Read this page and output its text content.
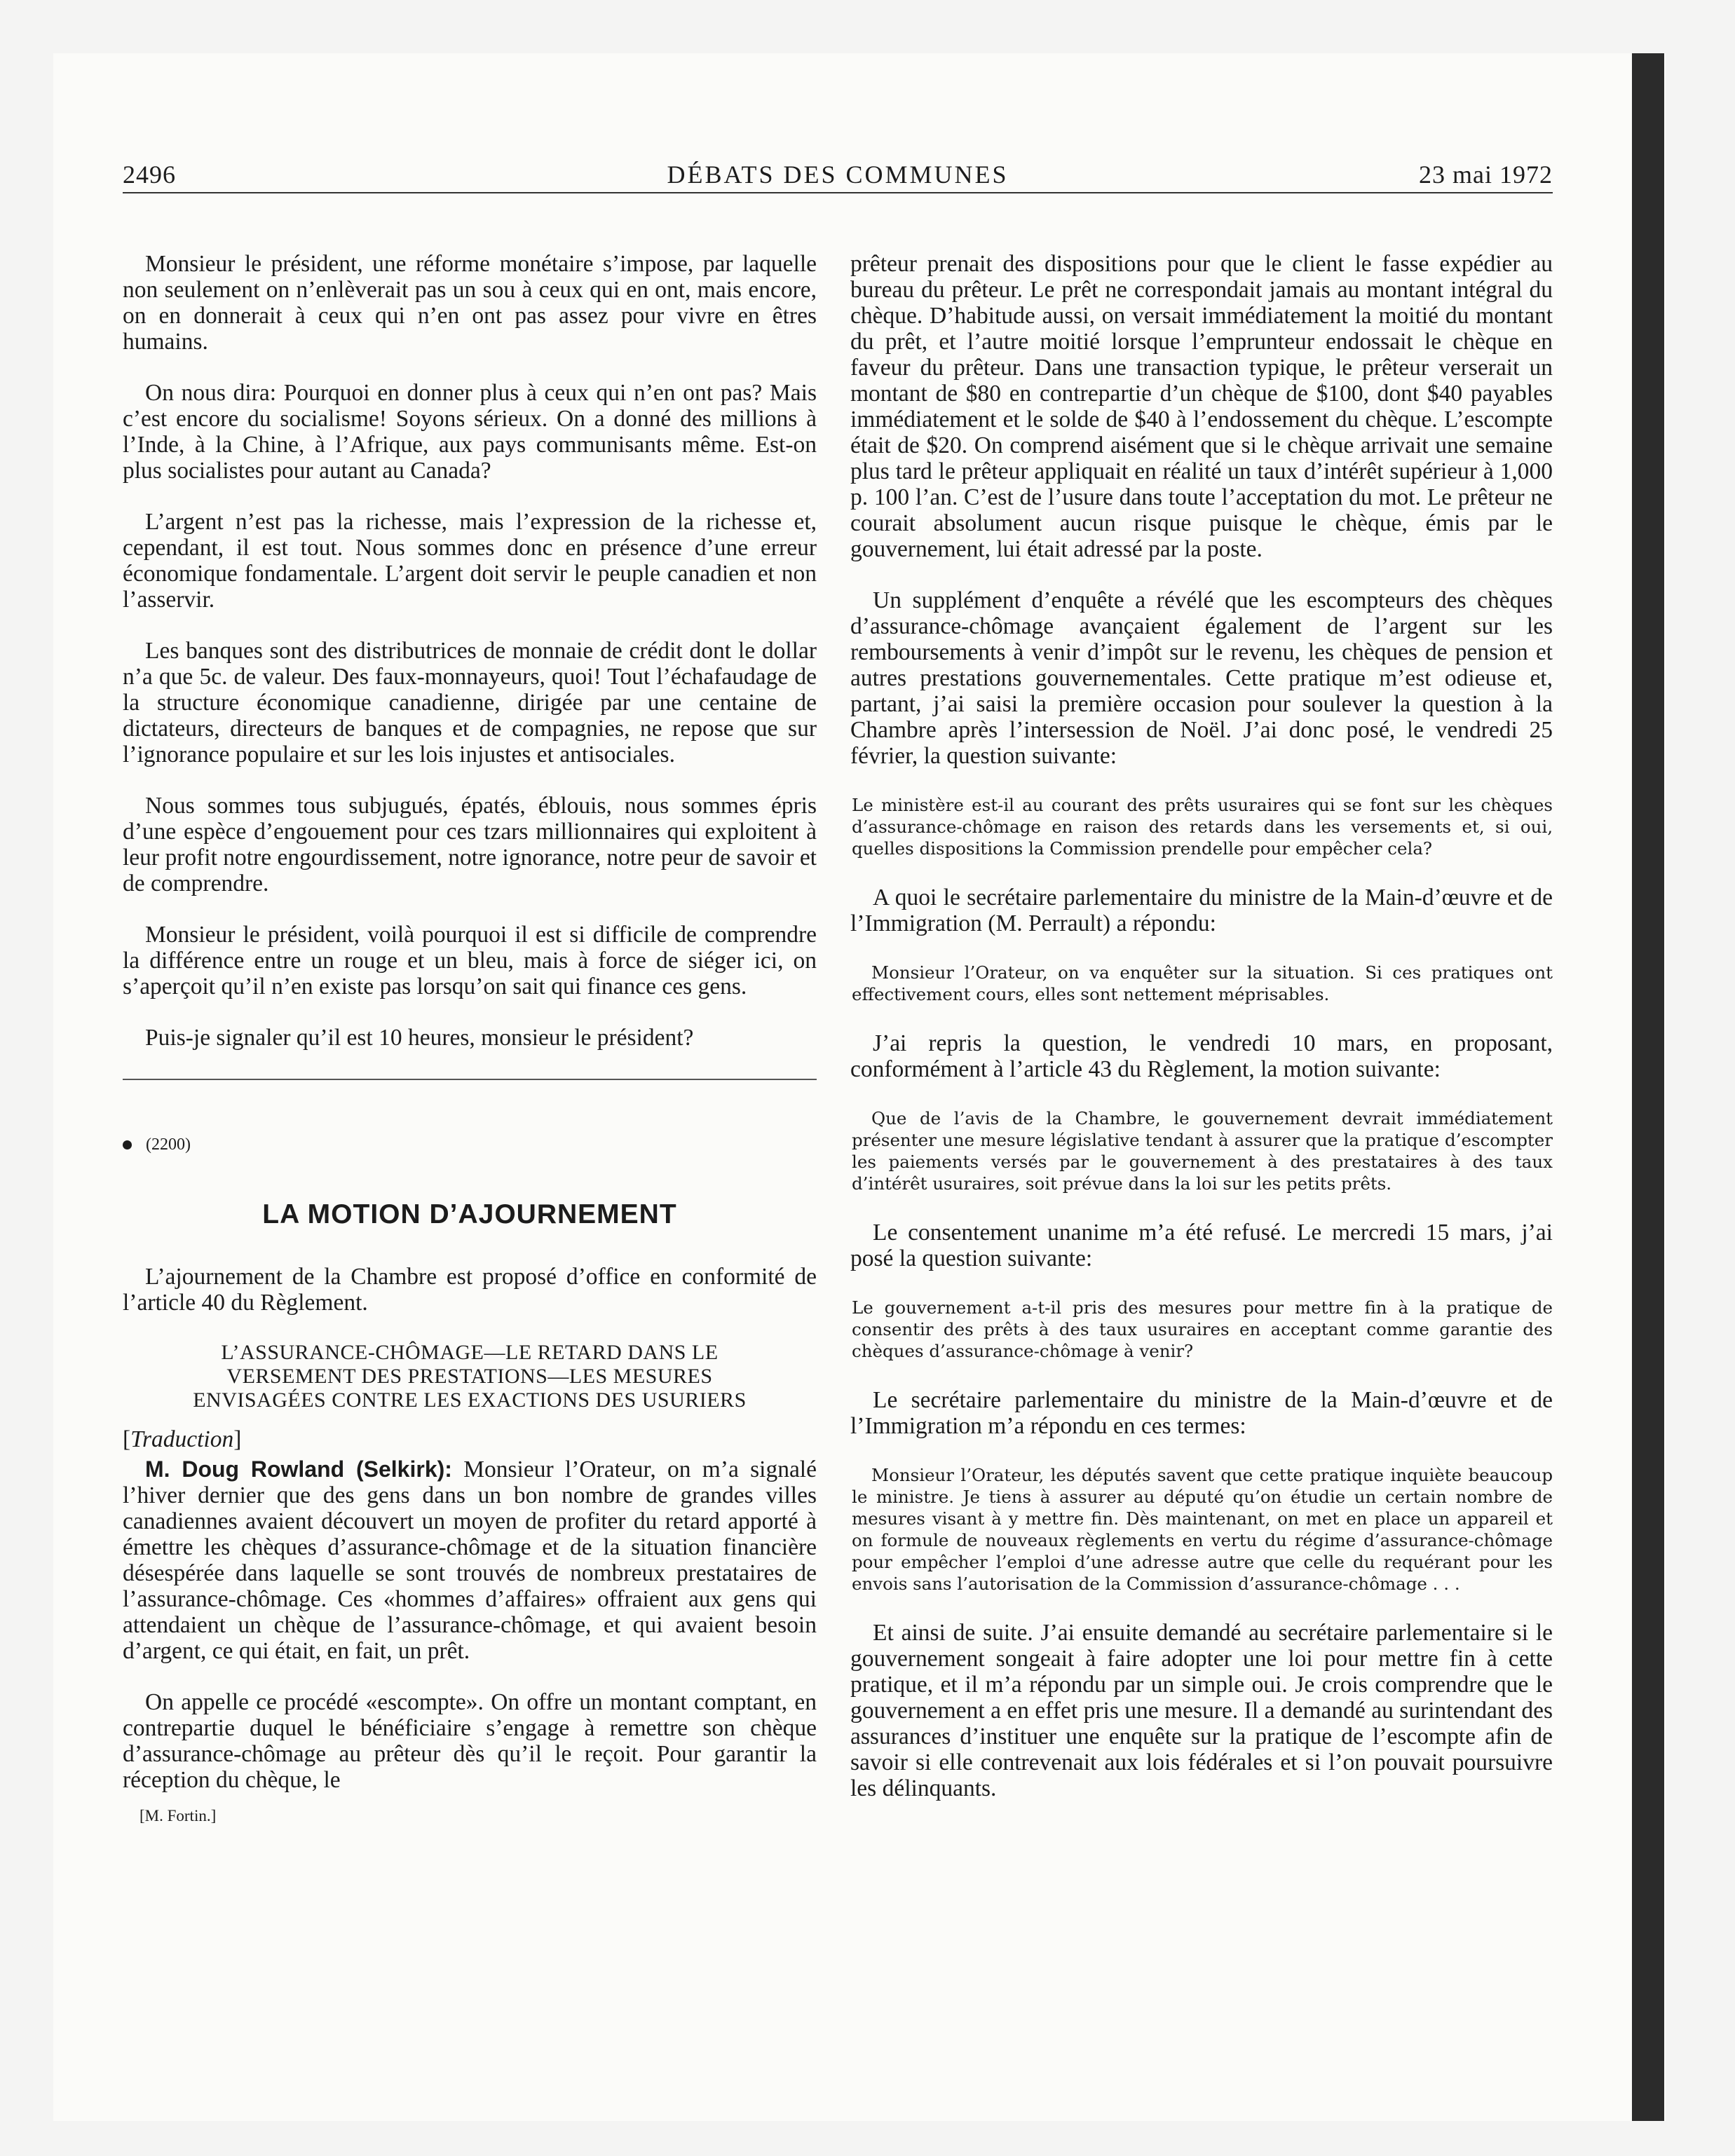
2496	DÉBATS DES COMMUNES	23 mai 1972

Monsieur le président, une réforme monétaire s’impose, par laquelle non seulement on n’enlèverait pas un sou à ceux qui en ont, mais encore, on en donnerait à ceux qui n’en ont pas assez pour vivre en êtres humains.

On nous dira: Pourquoi en donner plus à ceux qui n’en ont pas? Mais c’est encore du socialisme! Soyons sérieux. On a donné des millions à l’Inde, à la Chine, à l’Afrique, aux pays communisants même. Est-on plus socialistes pour autant au Canada?

L’argent n’est pas la richesse, mais l’expression de la richesse et, cependant, il est tout. Nous sommes donc en présence d’une erreur économique fondamentale. L’argent doit servir le peuple canadien et non l’asservir.

Les banques sont des distributrices de monnaie de crédit dont le dollar n’a que 5c. de valeur. Des faux-monnayeurs, quoi! Tout l’échafaudage de la structure économique canadienne, dirigée par une centaine de dictateurs, directeurs de banques et de compagnies, ne repose que sur l’ignorance populaire et sur les lois injustes et antisociales.

Nous sommes tous subjugués, épatés, éblouis, nous sommes épris d’une espèce d’engouement pour ces tzars millionnaires qui exploitent à leur profit notre engourdissement, notre ignorance, notre peur de savoir et de comprendre.

Monsieur le président, voilà pourquoi il est si difficile de comprendre la différence entre un rouge et un bleu, mais à force de siéger ici, on s’aperçoit qu’il n’en existe pas lorsqu’on sait qui finance ces gens.

Puis-je signaler qu’il est 10 heures, monsieur le président?

(2200)
LA MOTION D’AJOURNEMENT

L’ajournement de la Chambre est proposé d’office en conformité de l’article 40 du Règlement.

L’ASSURANCE-CHÔMAGE—LE RETARD DANS LE
VERSEMENT DES PRESTATIONS—LES MESURES
ENVISAGÉES CONTRE LES EXACTIONS DES USURIERS
[Traduction]

M. Doug Rowland (Selkirk): Monsieur l’Orateur, on m’a signalé l’hiver dernier que des gens dans un bon nombre de grandes villes canadiennes avaient découvert un moyen de profiter du retard apporté à émettre les chèques d’assurance-chômage et de la situation financière désespérée dans laquelle se sont trouvés de nombreux prestataires de l’assurance-chômage. Ces «hommes d’affaires» offraient aux gens qui attendaient un chèque de l’assurance-chômage, et qui avaient besoin d’argent, ce qui était, en fait, un prêt.

On appelle ce procédé «escompte». On offre un montant comptant, en contrepartie duquel le bénéficiaire s’engage à remettre son chèque d’assurance-chômage au prêteur dès qu’il le reçoit. Pour garantir la réception du chèque, le

[M. Fortin.]

prêteur prenait des dispositions pour que le client le fasse expédier au bureau du prêteur. Le prêt ne correspondait jamais au montant intégral du chèque. D’habitude aussi, on versait immédiatement la moitié du montant du prêt, et l’autre moitié lorsque l’emprunteur endossait le chèque en faveur du prêteur. Dans une transaction typique, le prêteur verserait un montant de $80 en contrepartie d’un chèque de $100, dont $40 payables immédiatement et le solde de $40 à l’endossement du chèque. L’escompte était de $20. On comprend aisément que si le chèque arrivait une semaine plus tard le prêteur appliquait en réalité un taux d’intérêt supérieur à 1,000 p. 100 l’an. C’est de l’usure dans toute l’acceptation du mot. Le prêteur ne courait absolument aucun risque puisque le chèque, émis par le gouvernement, lui était adressé par la poste.

Un supplément d’enquête a révélé que les escompteurs des chèques d’assurance-chômage avançaient également de l’argent sur les remboursements à venir d’impôt sur le revenu, les chèques de pension et autres prestations gouvernementales. Cette pratique m’est odieuse et, partant, j’ai saisi la première occasion pour soulever la question à la Chambre après l’intersession de Noël. J’ai donc posé, le vendredi 25 février, la question suivante:

Le ministère est-il au courant des prêts usuraires qui se font sur les chèques d’assurance-chômage en raison des retards dans les versements et, si oui, quelles dispositions la Commission prendelle pour empêcher cela?

A quoi le secrétaire parlementaire du ministre de la Main-d’œuvre et de l’Immigration (M. Perrault) a répondu:

Monsieur l’Orateur, on va enquêter sur la situation. Si ces pratiques ont effectivement cours, elles sont nettement méprisables.

J’ai repris la question, le vendredi 10 mars, en proposant, conformément à l’article 43 du Règlement, la motion suivante:

Que de l’avis de la Chambre, le gouvernement devrait immédiatement présenter une mesure législative tendant à assurer que la pratique d’escompter les paiements versés par le gouvernement à des prestataires à des taux d’intérêt usuraires, soit prévue dans la loi sur les petits prêts.

Le consentement unanime m’a été refusé. Le mercredi 15 mars, j’ai posé la question suivante:

Le gouvernement a-t-il pris des mesures pour mettre fin à la pratique de consentir des prêts à des taux usuraires en acceptant comme garantie des chèques d’assurance-chômage à venir?

Le secrétaire parlementaire du ministre de la Main-d’œuvre et de l’Immigration m’a répondu en ces termes:

Monsieur l’Orateur, les députés savent que cette pratique inquiète beaucoup le ministre. Je tiens à assurer au député qu’on étudie un certain nombre de mesures visant à y mettre fin. Dès maintenant, on met en place un appareil et on formule de nouveaux règlements en vertu du régime d’assurance-chômage pour empêcher l’emploi d’une adresse autre que celle du requérant pour les envois sans l’autorisation de la Commission d’assurance-chômage . . .

Et ainsi de suite. J’ai ensuite demandé au secrétaire parlementaire si le gouvernement songeait à faire adopter une loi pour mettre fin à cette pratique, et il m’a répondu par un simple oui. Je crois comprendre que le gouvernement a en effet pris une mesure. Il a demandé au surintendant des assurances d’instituer une enquête sur la pratique de l’escompte afin de savoir si elle contrevenait aux lois fédérales et si l’on pouvait poursuivre les délinquants.
